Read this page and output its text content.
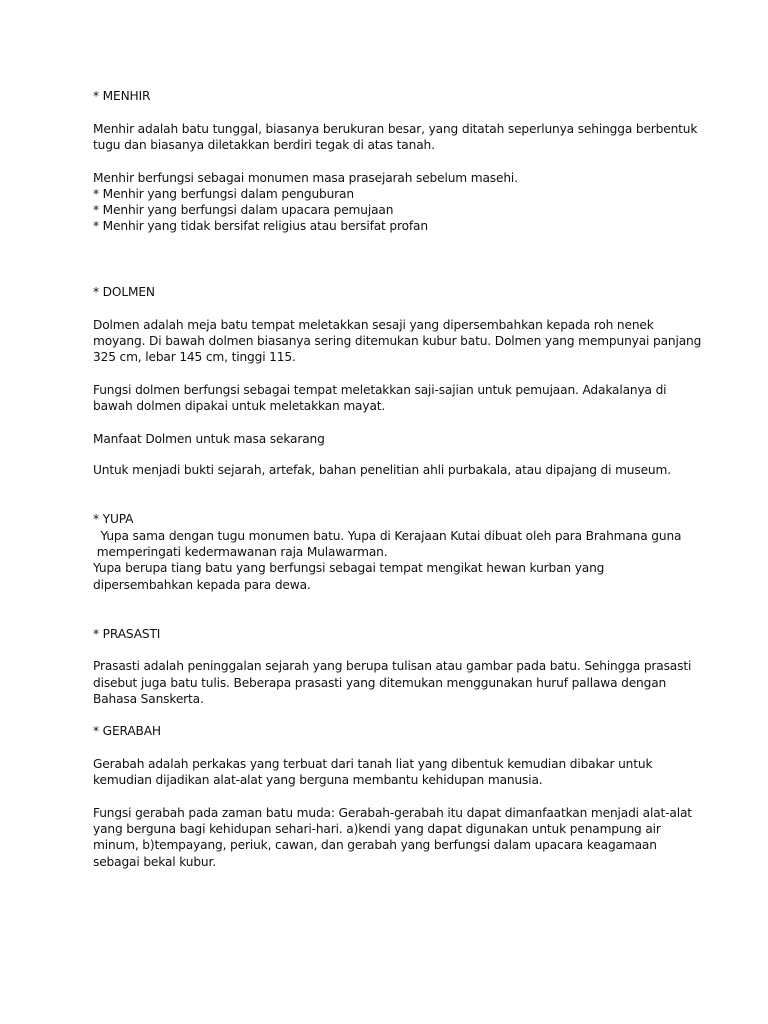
* MENHIR
Menhir adalah batu tunggal, biasanya berukuran besar, yang ditatah seperlunya sehingga berbentuk
tugu dan biasanya diletakkan berdiri tegak di atas tanah.
Menhir berfungsi sebagai monumen masa prasejarah sebelum masehi.
* Menhir yang berfungsi dalam penguburan
* Menhir yang berfungsi dalam upacara pemujaan
* Menhir yang tidak bersifat religius atau bersifat profan
* DOLMEN
Dolmen adalah meja batu tempat meletakkan sesaji yang dipersembahkan kepada roh nenek
moyang. Di bawah dolmen biasanya sering ditemukan kubur batu. Dolmen yang mempunyai panjang
325 cm, lebar 145 cm, tinggi 115.
Fungsi dolmen berfungsi sebagai tempat meletakkan saji-sajian untuk pemujaan. Adakalanya di
bawah dolmen dipakai untuk meletakkan mayat.
Manfaat Dolmen untuk masa sekarang
Untuk menjadi bukti sejarah, artefak, bahan penelitian ahli purbakala, atau dipajang di museum.
* YUPA
Yupa sama dengan tugu monumen batu. Yupa di Kerajaan Kutai dibuat oleh para Brahmana guna
memperingati kedermawanan raja Mulawarman.
Yupa berupa tiang batu yang berfungsi sebagai tempat mengikat hewan kurban yang
dipersembahkan kepada para dewa.
* PRASASTI
Prasasti adalah peninggalan sejarah yang berupa tulisan atau gambar pada batu. Sehingga prasasti
disebut juga batu tulis. Beberapa prasasti yang ditemukan menggunakan huruf pallawa dengan
Bahasa Sanskerta.
* GERABAH
Gerabah adalah perkakas yang terbuat dari tanah liat yang dibentuk kemudian dibakar untuk
kemudian dijadikan alat-alat yang berguna membantu kehidupan manusia.
Fungsi gerabah pada zaman batu muda: Gerabah-gerabah itu dapat dimanfaatkan menjadi alat-alat
yang berguna bagi kehidupan sehari-hari. a)kendi yang dapat digunakan untuk penampung air
minum, b)tempayang, periuk, cawan, dan gerabah yang berfungsi dalam upacara keagamaan
sebagai bekal kubur.
